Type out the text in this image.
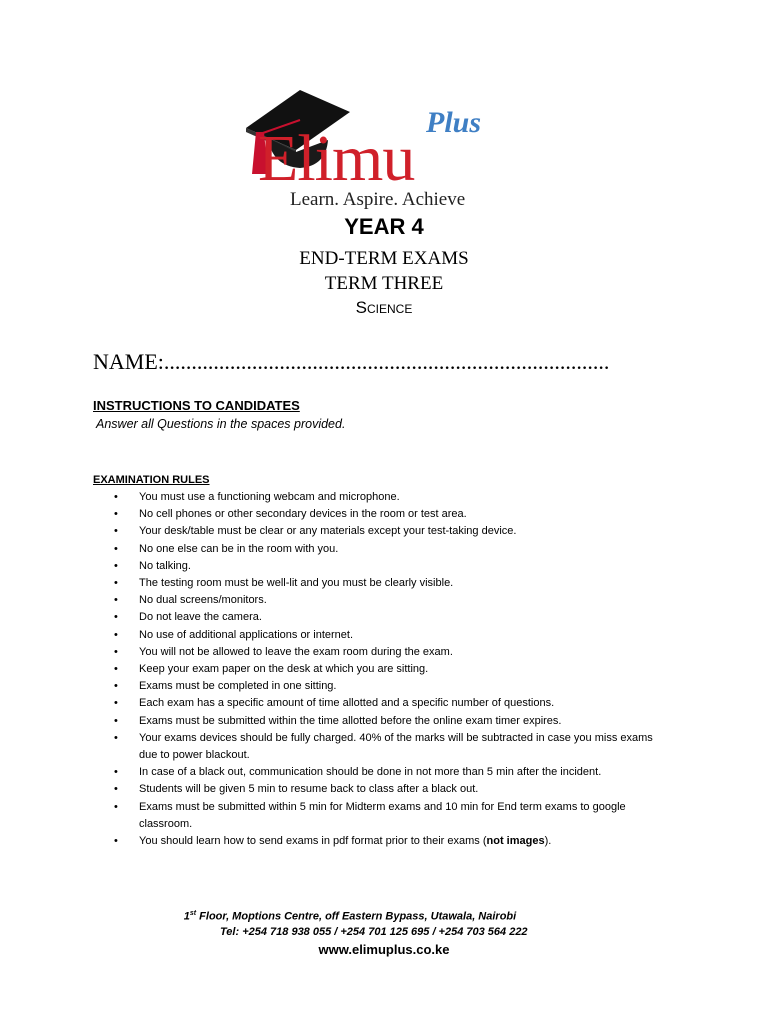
Elimu Plus
Learn. Aspire. Achieve
YEAR 4
END-TERM EXAMS
TERM THREE
Science
NAME:.................................................................................
INSTRUCTIONS TO CANDIDATES
Answer all Questions in the spaces provided.
EXAMINATION RULES
• You must use a functioning webcam and microphone.
• No cell phones or other secondary devices in the room or test area.
• Your desk/table must be clear or any materials except your test-taking device.
• No one else can be in the room with you.
• No talking.
• The testing room must be well-lit and you must be clearly visible.
• No dual screens/monitors.
• Do not leave the camera.
• No use of additional applications or internet.
• You will not be allowed to leave the exam room during the exam.
• Keep your exam paper on the desk at which you are sitting.
• Exams must be completed in one sitting.
• Each exam has a specific amount of time allotted and a specific number of questions.
• Exams must be submitted within the time allotted before the online exam timer expires.
• Your exams devices should be fully charged. 40% of the marks will be subtracted in case you miss exams due to power blackout.
• In case of a black out, communication should be done in not more than 5 min after the incident.
• Students will be given 5 min to resume back to class after a black out.
• Exams must be submitted within 5 min for Midterm exams and 10 min for End term exams to google classroom.
• You should learn how to send exams in pdf format prior to their exams (not images).
1st Floor, Moptions Centre, off Eastern Bypass, Utawala, Nairobi
Tel: +254 718 938 055 / +254 701 125 695 / +254 703 564 222
www.elimuplus.co.ke
